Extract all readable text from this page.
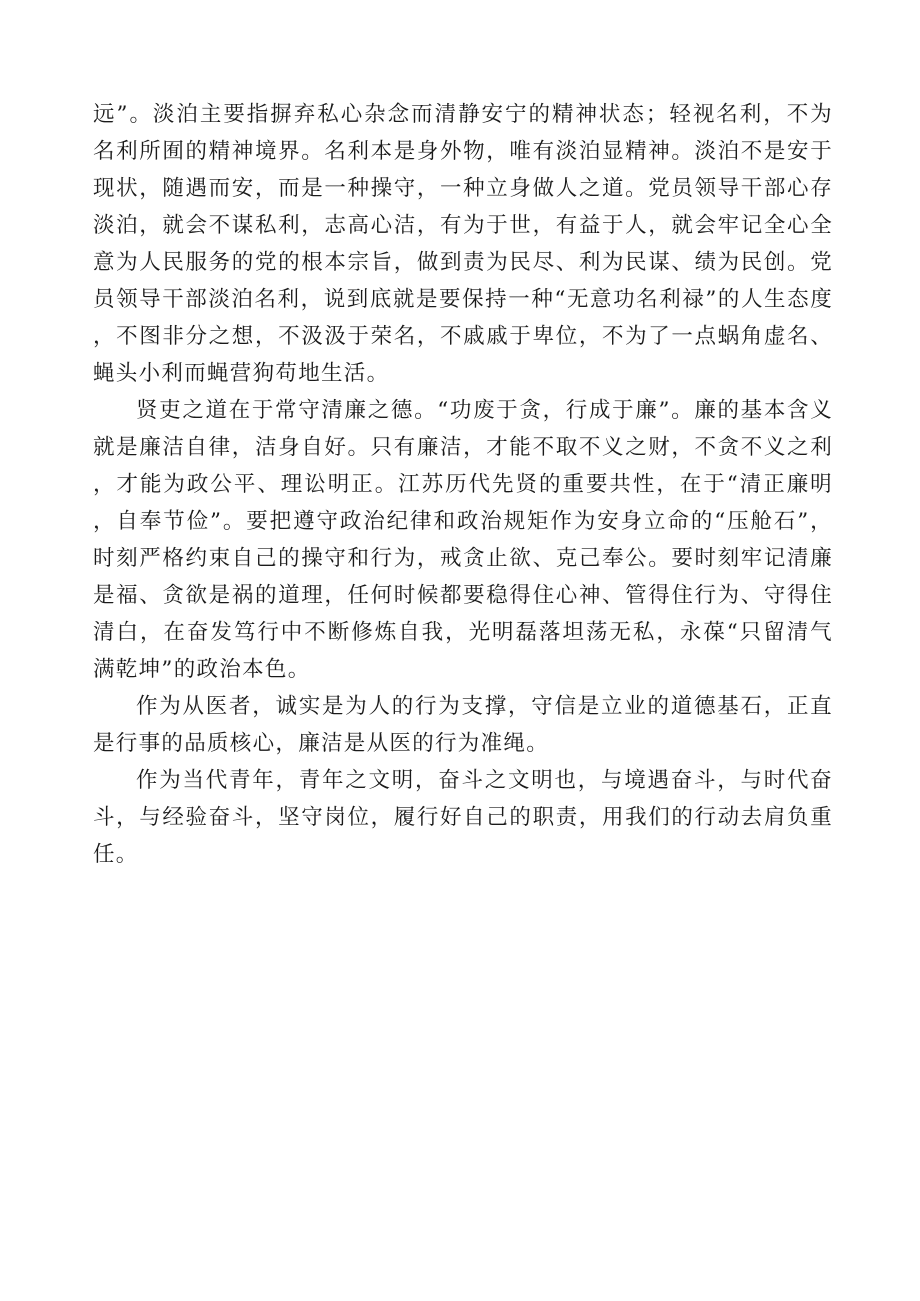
远”。淡泊主要指摒弃私心杂念而清静安宁的精神状态；轻视名利，不为名利所囿的精神境界。名利本是身外物，唯有淡泊显精神。淡泊不是安于现状，随遇而安，而是一种操守，一种立身做人之道。党员领导干部心存淡泊，就会不谋私利，志高心洁，有为于世，有益于人，就会牢记全心全意为人民服务的党的根本宗旨，做到责为民尽、利为民谋、绩为民创。党员领导干部淡泊名利，说到底就是要保持一种“无意功名利禄”的人生态度，不图非分之想，不汲汲于荣名，不戚戚于卑位，不为了一点蜗角虚名、蝇头小利而蝇营狗苟地生活。

贤吏之道在于常守清廉之德。“功废于贪，行成于廉”。廉的基本含义就是廉洁自律，洁身自好。只有廉洁，才能不取不义之财，不贪不义之利，才能为政公平、理讼明正。江苏历代先贤的重要共性，在于“清正廉明，自奉节俭”。要把遵守政治纪律和政治规矩作为安身立命的“压舱石”，时刻严格约束自己的操守和行为，戒贪止欲、克己奉公。要时刻牢记清廉是福、贪欲是祸的道理，任何时候都要稳得住心神、管得住行为、守得住清白，在奋发笃行中不断修炼自我，光明磊落坦荡无私，永葆“只留清气满乾坤”的政治本色。

作为从医者，诚实是为人的行为支撑，守信是立业的道德基石，正直是行事的品质核心，廉洁是从医的行为准绳。

作为当代青年，青年之文明，奋斗之文明也，与境遇奋斗，与时代奋斗，与经验奋斗，坚守岗位，履行好自己的职责，用我们的行动去肩负重任。
